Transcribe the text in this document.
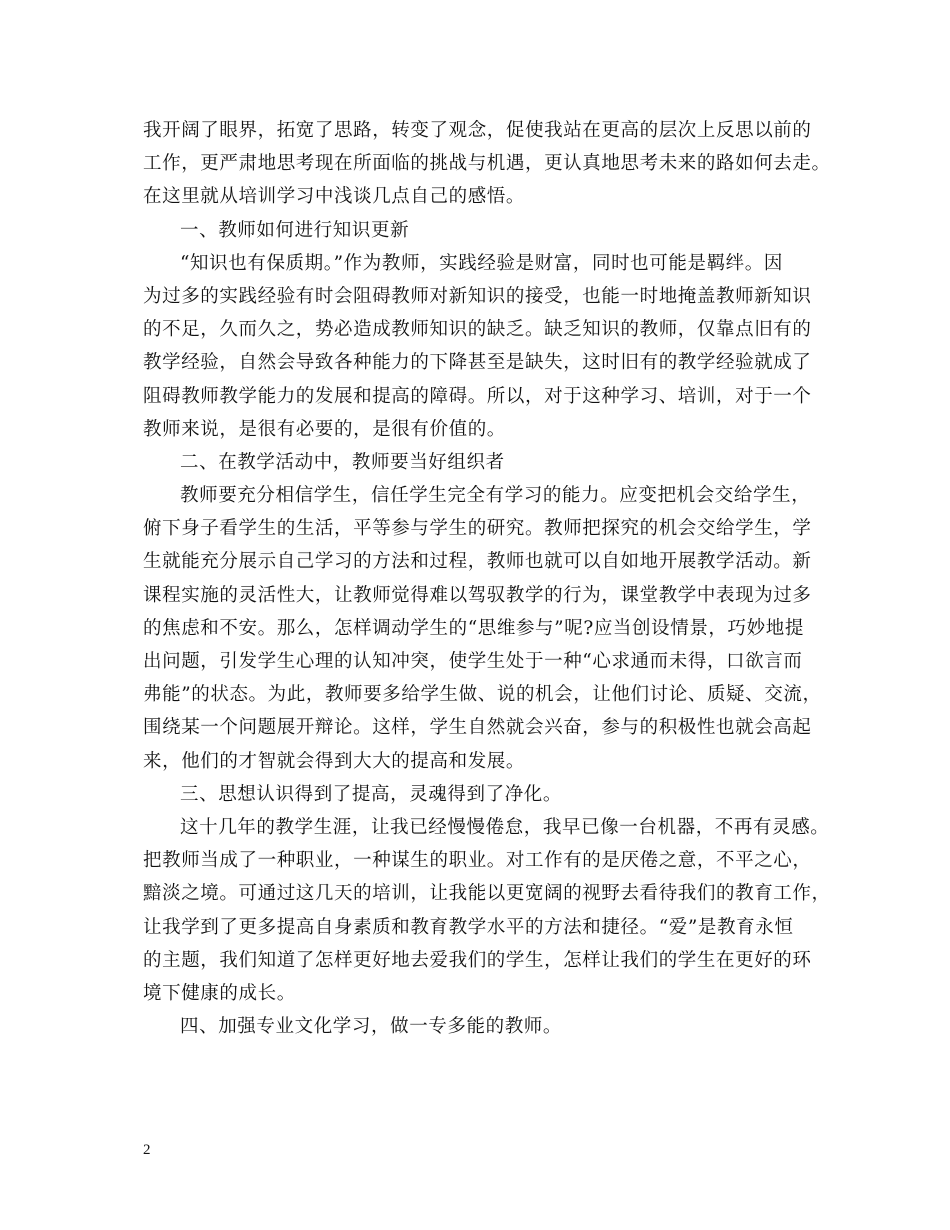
我开阔了眼界，拓宽了思路，转变了观念，促使我站在更高的层次上反思以前的
工作，更严肃地思考现在所面临的挑战与机遇，更认真地思考未来的路如何去走。
在这里就从培训学习中浅谈几点自己的感悟。
一、教师如何进行知识更新
“知识也有保质期。”作为教师，实践经验是财富，同时也可能是羁绊。因
为过多的实践经验有时会阻碍教师对新知识的接受，也能一时地掩盖教师新知识
的不足，久而久之，势必造成教师知识的缺乏。缺乏知识的教师，仅靠点旧有的
教学经验，自然会导致各种能力的下降甚至是缺失，这时旧有的教学经验就成了
阻碍教师教学能力的发展和提高的障碍。所以，对于这种学习、培训，对于一个
教师来说，是很有必要的，是很有价值的。
二、在教学活动中，教师要当好组织者
教师要充分相信学生，信任学生完全有学习的能力。应变把机会交给学生，
俯下身子看学生的生活，平等参与学生的研究。教师把探究的机会交给学生，学
生就能充分展示自己学习的方法和过程，教师也就可以自如地开展教学活动。新
课程实施的灵活性大，让教师觉得难以驾驭教学的行为，课堂教学中表现为过多
的焦虑和不安。那么，怎样调动学生的“思维参与”呢?应当创设情景，巧妙地提
出问题，引发学生心理的认知冲突，使学生处于一种“心求通而未得，口欲言而
弗能”的状态。为此，教师要多给学生做、说的机会，让他们讨论、质疑、交流，
围绕某一个问题展开辩论。这样，学生自然就会兴奋，参与的积极性也就会高起
来，他们的才智就会得到大大的提高和发展。
三、思想认识得到了提高，灵魂得到了净化。
这十几年的教学生涯，让我已经慢慢倦怠，我早已像一台机器，不再有灵感。
把教师当成了一种职业，一种谋生的职业。对工作有的是厌倦之意，不平之心，
黯淡之境。可通过这几天的培训，让我能以更宽阔的视野去看待我们的教育工作，
让我学到了更多提高自身素质和教育教学水平的方法和捷径。“爱”是教育永恒
的主题，我们知道了怎样更好地去爱我们的学生，怎样让我们的学生在更好的环
境下健康的成长。
四、加强专业文化学习，做一专多能的教师。
2
